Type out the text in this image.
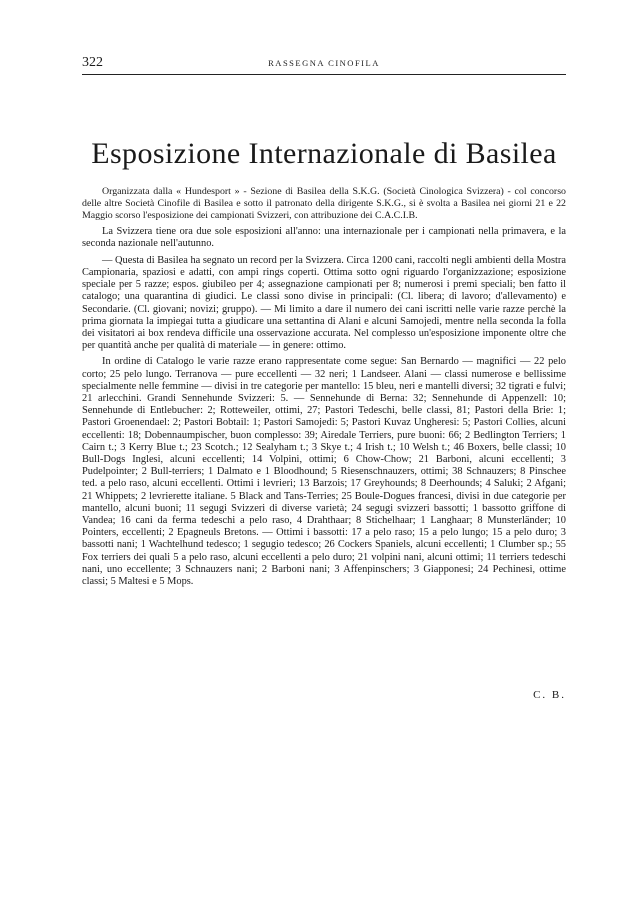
322	RASSEGNA CINOFILA
Esposizione Internazionale di Basilea

Organizzata dalla « Hundesport » - Sezione di Basilea della S.K.G. (Società Cinologica Svizzera) - col concorso delle altre Società Cinofile di Basilea e sotto il patronato della dirigente S.K.G., si è svolta a Basilea nei giorni 21 e 22 Maggio scorso l'esposizione dei campionati Svizzeri, con attribuzione dei C.A.C.I.B.

La Svizzera tiene ora due sole esposizioni all'anno: una internazionale per i campionati nella primavera, e la seconda nazionale nell'autunno.

— Questa di Basilea ha segnato un record per la Svizzera. Circa 1200 cani, raccolti negli ambienti della Mostra Campionaria, spaziosi e adatti, con ampi rings coperti. Ottima sotto ogni riguardo l'organizzazione; esposizione speciale per 5 razze; espos. giubileo per 4; assegnazione campionati per 8; numerosi i premi speciali; ben fatto il catalogo; una quarantina di giudici. Le classi sono divise in principali: (Cl. libera; di lavoro; d'allevamento) e Secondarie. (Cl. giovani; novizi; gruppo). — Mi limito a dare il numero dei cani iscritti nelle varie razze perchè la prima giornata la impiegai tutta a giudicare una settantina di Alani e alcuni Samojedi, mentre nella seconda la folla dei visitatori ai box rendeva difficile una osservazione accurata. Nel complesso un'esposizione imponente oltre che per quantità anche per qualità di materiale — in genere: ottimo.

In ordine di Catalogo le varie razze erano rappresentate come segue: San Bernardo — magnifici — 22 pelo corto; 25 pelo lungo. Terranova — pure eccellenti — 32 neri; 1 Landseer. Alani — classi numerose e bellissime specialmente nelle femmine — divisi in tre categorie per mantello: 15 bleu, neri e mantelli diversi; 32 tigrati e fulvi; 21 arlecchini. Grandi Sennehunde Svizzeri: 5. — Sennehunde di Berna: 32; Sennehunde di Appenzell: 10; Sennehunde di Entlebucher: 2; Rotteweiler, ottimi, 27; Pastori Tedeschi, belle classi, 81; Pastori della Brie: 1; Pastori Groenendael: 2; Pastori Bobtail: 1; Pastori Samojedi: 5; Pastori Kuvaz Ungheresi: 5; Pastori Collies, alcuni eccellenti: 18; Dobennaumpischer, buon complesso: 39; Airedale Terriers, pure buoni: 66; 2 Bedlington Terriers; 1 Cairn t.; 3 Kerry Blue t.; 23 Scotch.; 12 Sealyham t.; 3 Skye t.; 4 Irish t.; 10 Welsh t.; 46 Boxers, belle classi; 10 Bull-Dogs Inglesi, alcuni eccellenti; 14 Volpini, ottimi; 6 Chow-Chow; 21 Barboni, alcuni eccellenti; 3 Pudelpointer; 2 Bull-terriers; 1 Dalmato e 1 Bloodhound; 5 Riesenschnauzers, ottimi; 38 Schnauzers; 8 Pinschee ted. a pelo raso, alcuni eccellenti. Ottimi i levrieri; 13 Barzois; 17 Greyhounds; 8 Deerhounds; 4 Saluki; 2 Afgani; 21 Whippets; 2 levrierette italiane. 5 Black and Tans-Terries; 25 Boule-Dogues francesi, divisi in due categorie per mantello, alcuni buoni; 11 segugi Svizzeri di diverse varietà; 24 segugi svizzeri bassotti; 1 bassotto griffone di Vandea; 16 cani da ferma tedeschi a pelo raso, 4 Drahthaar; 8 Stichelhaar; 1 Langhaar; 8 Munsterländer; 10 Pointers, eccellenti; 2 Epagneuls Bretons. — Ottimi i bassotti: 17 a pelo raso; 15 a pelo lungo; 15 a pelo duro; 3 bassotti nani; 1 Wachtelhund tedesco; 1 segugio tedesco; 26 Cockers Spaniels, alcuni eccellenti; 1 Clumber sp.; 55 Fox terriers dei quali 5 a pelo raso, alcuni eccellenti a pelo duro; 21 volpini nani, alcuni ottimi; 11 terriers tedeschi nani, uno eccellente; 3 Schnauzers nani; 2 Barboni nani; 3 Affenpinschers; 3 Giapponesi; 24 Pechinesi, ottime classi; 5 Maltesi e 5 Mops.

C. B.
